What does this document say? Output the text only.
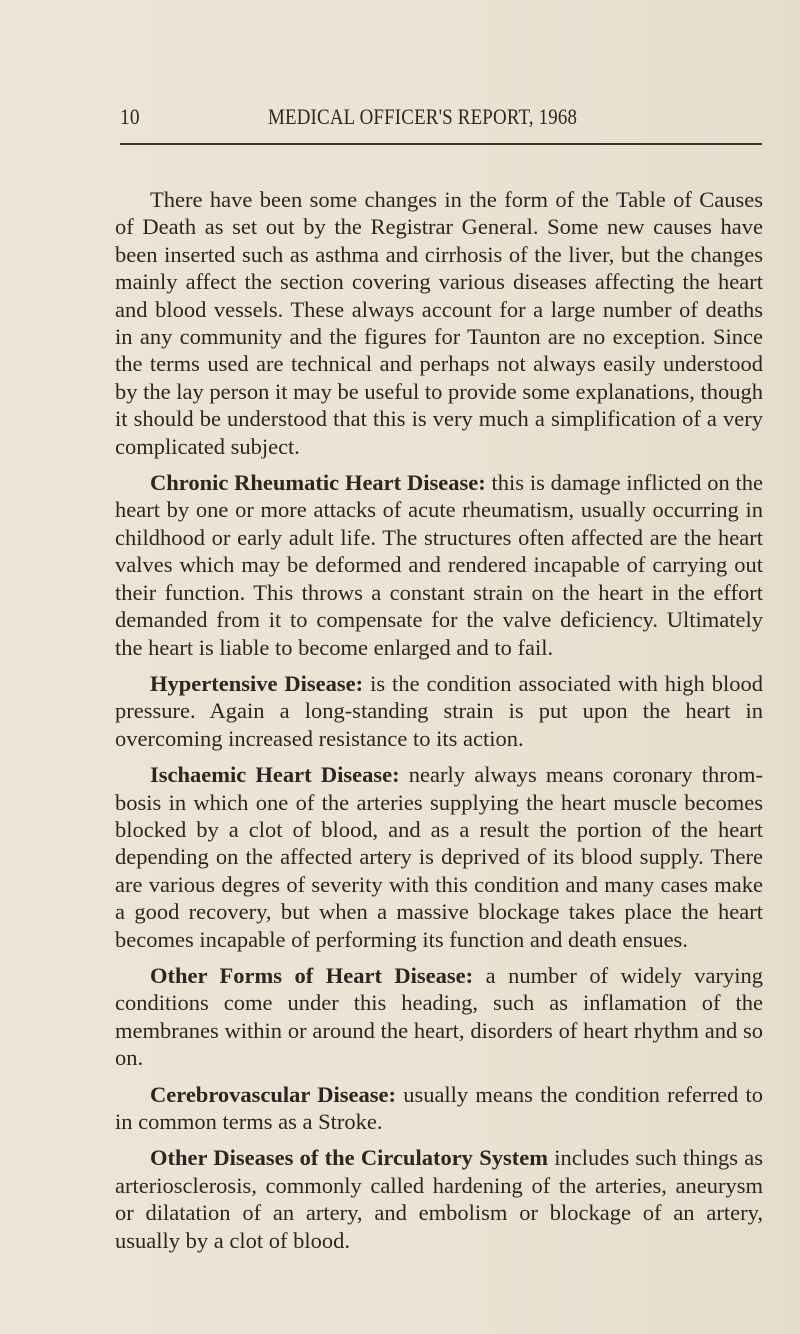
10	MEDICAL OFFICER'S REPORT, 1968

There have been some changes in the form of the Table of Causes of Death as set out by the Registrar General. Some new causes have been inserted such as asthma and cirrhosis of the liver, but the changes mainly affect the section covering various diseases affecting the heart and blood vessels. These always account for a large number of deaths in any community and the figures for Taunton are no exception. Since the terms used are technical and perhaps not always easily understood by the lay person it may be useful to provide some explanations, though it should be understood that this is very much a simplification of a very complicated subject.

Chronic Rheumatic Heart Disease: this is damage inflicted on the heart by one or more attacks of acute rheumatism, usually occurring in childhood or early adult life. The structures often affected are the heart valves which may be deformed and rendered incapable of carrying out their function. This throws a constant strain on the heart in the effort demanded from it to compensate for the valve deficiency. Ultimately the heart is liable to become enlarged and to fail.

Hypertensive Disease: is the condition associated with high blood pressure. Again a long-standing strain is put upon the heart in overcoming increased resistance to its action.

Ischaemic Heart Disease: nearly always means coronary thrombosis in which one of the arteries supplying the heart muscle becomes blocked by a clot of blood, and as a result the portion of the heart depending on the affected artery is deprived of its blood supply. There are various degres of severity with this condition and many cases make a good recovery, but when a massive blockage takes place the heart becomes incapable of performing its function and death ensues.

Other Forms of Heart Disease: a number of widely varying conditions come under this heading, such as inflamation of the membranes within or around the heart, disorders of heart rhythm and so on.

Cerebrovascular Disease: usually means the condition referred to in common terms as a Stroke.

Other Diseases of the Circulatory System includes such things as arteriosclerosis, commonly called hardening of the arteries, aneurysm or dilatation of an artery, and embolism or blockage of an artery, usually by a clot of blood.
